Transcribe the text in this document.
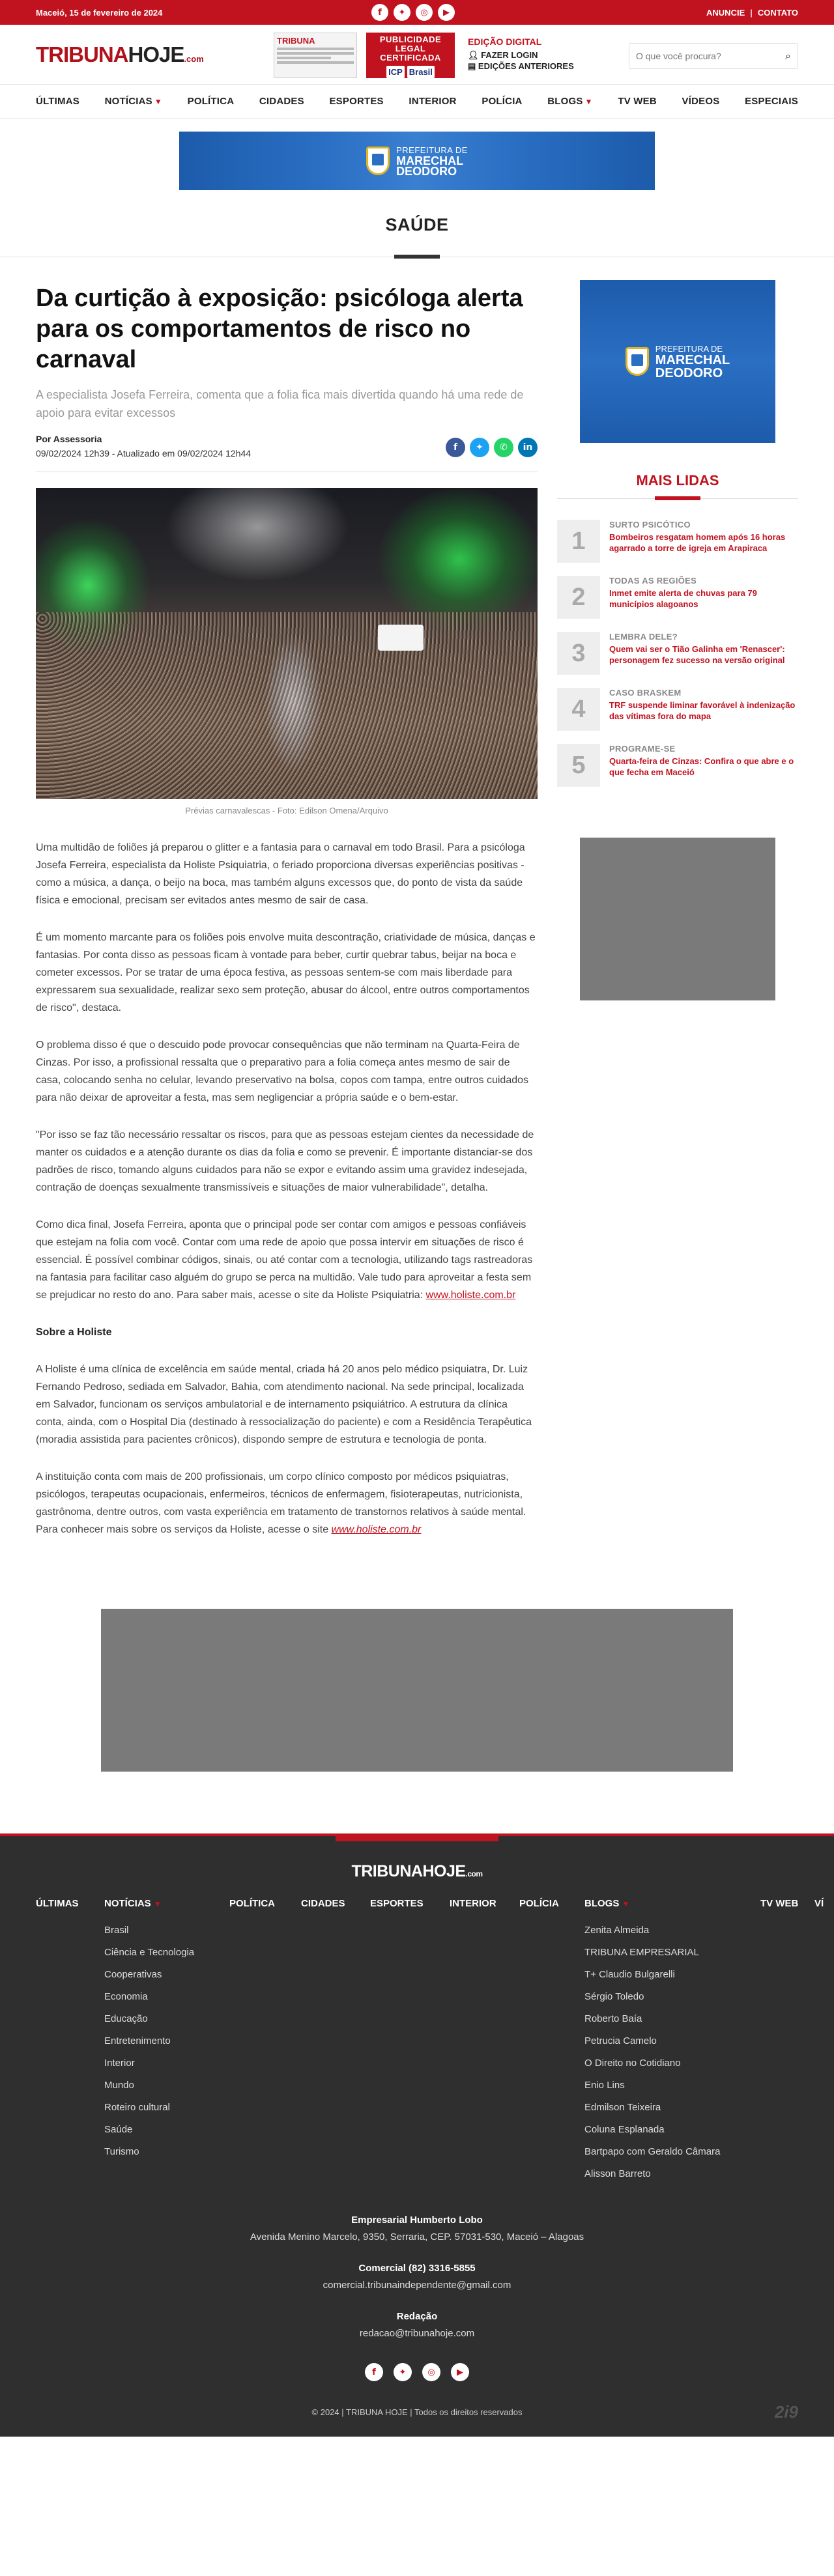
Maceió, 15 de fevereiro de 2024	f	✦	◎	▶	ANUNCIE | CONTATO
TRIBUNAHOJE.com
TRIBUNA	PUBLICIDADE LEGAL CERTIFICADA
ICP Brasil
EDIÇÃO DIGITAL
👤︎ FAZER LOGIN
▤ EDIÇÕES ANTERIORES
O que você procura?
⌕
ÚLTIMAS	NOTÍCIAS ▼	POLÍTICA	CIDADES	ESPORTES	INTERIOR	POLÍCIA	BLOGS ▼	TV WEB	VÍDEOS	ESPECIAIS
PREFEITURA DE
MARECHAL
DEODORO
SAÚDE
Da curtição à exposição: psicóloga alerta para os comportamentos de risco no carnaval

A especialista Josefa Ferreira, comenta que a folia fica mais divertida quando há uma rede de apoio para evitar excessos

Por Assessoria
09/02/2024 12h39 - Atualizado em 09/02/2024 12h44
f	✦	✆	in
Prévias carnavalescas - Foto: Edilson Omena/Arquivo

Uma multidão de foliões já preparou o glitter e a fantasia para o carnaval em todo Brasil. Para a psicóloga Josefa Ferreira, especialista da Holiste Psiquiatria, o feriado proporciona diversas experiências positivas - como a música, a dança, o beijo na boca, mas também alguns excessos que, do ponto de vista da saúde física e emocional, precisam ser evitados antes mesmo de sair de casa.

É um momento marcante para os foliões pois envolve muita descontração, criatividade de música, danças e fantasias. Por conta disso as pessoas ficam à vontade para beber, curtir quebrar tabus, beijar na boca e cometer excessos. Por se tratar de uma época festiva, as pessoas sentem-se com mais liberdade para expressarem sua sexualidade, realizar sexo sem proteção, abusar do álcool, entre outros comportamentos de risco", destaca.

O problema disso é que o descuido pode provocar consequências que não terminam na Quarta-Feira de Cinzas. Por isso, a profissional ressalta que o preparativo para a folia começa antes mesmo de sair de casa, colocando senha no celular, levando preservativo na bolsa, copos com tampa, entre outros cuidados para não deixar de aproveitar a festa, mas sem negligenciar a própria saúde e o bem-estar.

"Por isso se faz tão necessário ressaltar os riscos, para que as pessoas estejam cientes da necessidade de manter os cuidados e a atenção durante os dias da folia e como se prevenir. É importante distanciar-se dos padrões de risco, tomando alguns cuidados para não se expor e evitando assim uma gravidez indesejada, contração de doenças sexualmente transmissíveis e situações de maior vulnerabilidade", detalha.

Como dica final, Josefa Ferreira, aponta que o principal pode ser contar com amigos e pessoas confiáveis que estejam na folia com você. Contar com uma rede de apoio que possa intervir em situações de risco é essencial. É possível combinar códigos, sinais, ou até contar com a tecnologia, utilizando tags rastreadoras na fantasia para facilitar caso alguém do grupo se perca na multidão. Vale tudo para aproveitar a festa sem se prejudicar no resto do ano. Para saber mais, acesse o site da Holiste Psiquiatria: www.holiste.com.br

Sobre a Holiste

A Holiste é uma clínica de excelência em saúde mental, criada há 20 anos pelo médico psiquiatra, Dr. Luiz Fernando Pedroso, sediada em Salvador, Bahia, com atendimento nacional. Na sede principal, localizada em Salvador, funcionam os serviços ambulatorial e de internamento psiquiátrico. A estrutura da clínica conta, ainda, com o Hospital Dia (destinado à ressocialização do paciente) e com a Residência Terapêutica (moradia assistida para pacientes crônicos), dispondo sempre de estrutura e tecnologia de ponta.

A instituição conta com mais de 200 profissionais, um corpo clínico composto por médicos psiquiatras, psicólogos, terapeutas ocupacionais, enfermeiros, técnicos de enfermagem, fisioterapeutas, nutricionista, gastrônoma, dentre outros, com vasta experiência em tratamento de transtornos relativos à saúde mental. Para conhecer mais sobre os serviços da Holiste, acesse o site www.holiste.com.br

PREFEITURA DE
MARECHAL
DEODORO
MAIS LIDAS
1
SURTO PSICÓTICO
Bombeiros resgatam homem após 16 horas agarrado a torre de igreja em Arapiraca
2
TODAS AS REGIÕES
Inmet emite alerta de chuvas para 79 municípios alagoanos
3
LEMBRA DELE?
Quem vai ser o Tião Galinha em 'Renascer': personagem fez sucesso na versão original
4
CASO BRASKEM
TRF suspende liminar favorável à indenização das vítimas fora do mapa
5
PROGRAME-SE
Quarta-feira de Cinzas: Confira o que abre e o que fecha em Maceió
TRIBUNAHOJE.com
ÚLTIMAS	NOTÍCIAS ▼
Brasil
Ciência e Tecnologia
Cooperativas
Economia
Educação
Entretenimento
Interior
Mundo
Roteiro cultural
Saúde
Turismo
POLÍTICA	CIDADES	ESPORTES	INTERIOR POLÍCIA	BLOGS ▼
Zenita Almeida
TRIBUNA EMPRESARIAL
T+ Claudio Bulgarelli
Sérgio Toledo
Roberto Baía
Petrucia Camelo
O Direito no Cotidiano
Enio Lins
Edmilson Teixeira
Coluna Esplanada
Bartpapo com Geraldo Câmara
Alisson Barreto
TV WEB VÍ
Empresarial Humberto Lobo
Avenida Menino Marcelo, 9350, Serraria, CEP. 57031-530, Maceió – Alagoas
Comercial (82) 3316-5855
comercial.tribunaindependente@gmail.com
Redação
redacao@tribunahoje.com
f	✦	◎	▶
© 2024 | TRIBUNA HOJE | Todos os direitos reservados	2i9
